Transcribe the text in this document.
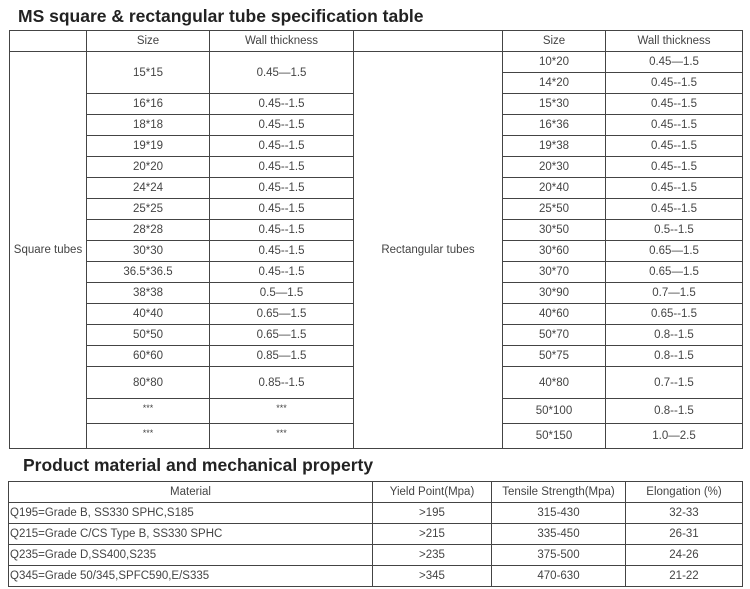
MS square & rectangular tube specification table
	Size	Wall thickness		Size	Wall thickness
Square tubes	15*15	0.45—1.5	Rectangular tubes	10*20	0.45—1.5
				14*20	0.45--1.5
	16*16	0.45--1.5		15*30	0.45--1.5
	18*18	0.45--1.5		16*36	0.45--1.5
	19*19	0.45--1.5		19*38	0.45--1.5
	20*20	0.45--1.5		20*30	0.45--1.5
	24*24	0.45--1.5		20*40	0.45--1.5
	25*25	0.45--1.5		25*50	0.45--1.5
	28*28	0.45--1.5		30*50	0.5--1.5
	30*30	0.45--1.5		30*60	0.65—1.5
	36.5*36.5	0.45--1.5		30*70	0.65—1.5
	38*38	0.5—1.5		30*90	0.7—1.5
	40*40	0.65—1.5		40*60	0.65--1.5
	50*50	0.65—1.5		50*70	0.8--1.5
	60*60	0.85—1.5		50*75	0.8--1.5
	80*80	0.85--1.5		40*80	0.7--1.5
	***	***		50*100	0.8--1.5
	***	***		50*150	1.0—2.5
Product material and mechanical property
Material	Yield Point(Mpa)	Tensile Strength(Mpa)	Elongation (%)
Q195=Grade B, SS330 SPHC,S185	>195	315-430	32-33
Q215=Grade C/CS Type B, SS330 SPHC	>215	335-450	26-31
Q235=Grade D,SS400,S235	>235	375-500	24-26
Q345=Grade 50/345,SPFC590,E/S335	>345	470-630	21-22
